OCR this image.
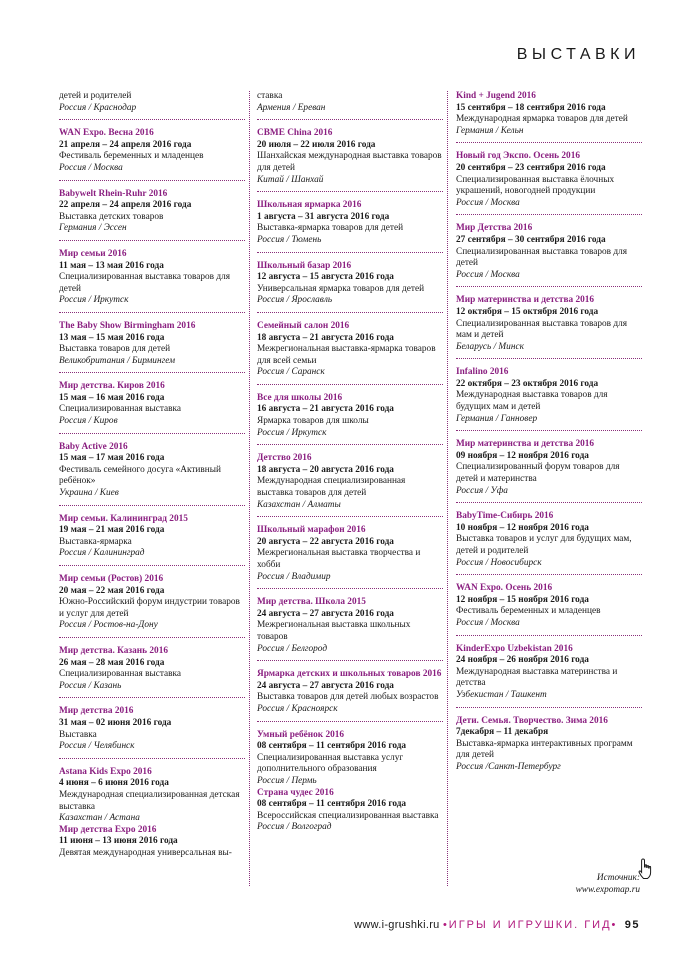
ВЫСТАВКИ
детей и родителей
Россия / Краснодар
WAN Expo. Весна 2016
21 апреля – 24 апреля 2016 года
Фестиваль беременных и младенцев
Россия / Москва
Babywelt Rhein-Ruhr 2016
22 апреля – 24 апреля 2016 года
Выставка детских товаров
Германия / Эссен
Мир семьи 2016
11 мая – 13 мая 2016 года
Специализированная выставка товаров для детей
Россия / Иркутск
The Baby Show Birmingham 2016
13 мая – 15 мая 2016 года
Выставка товаров для детей
Великобритания / Бирмингем
Мир детства. Киров 2016
15 мая – 16 мая 2016 года
Специализированная выставка
Россия / Киров
Baby Active 2016
15 мая – 17 мая 2016 года
Фестиваль семейного досуга «Активный ребёнок»
Украина / Киев
Мир семьи. Калининград 2015
19 мая – 21 мая 2016 года
Выставка-ярмарка
Россия / Калининград
Мир семьи (Ростов) 2016
20 мая – 22 мая 2016 года
Южно-Российский форум индустрии товаров и услуг для детей
Россия / Ростов-на-Дону
Мир детства. Казань 2016
26 мая – 28 мая 2016 года
Специализированная выставка
Россия / Казань
Мир детства 2016
31 мая – 02 июня 2016 года
Выставка
Россия / Челябинск
Astana Kids Expo 2016
4 июня – 6 июня 2016 года
Международная специализированная детская выставка
Казахстан / Астана
Мир детства Expo 2016
11 июня – 13 июня 2016 года
Девятая международная универсальная вы-
ставка
Армения / Ереван
CBME China 2016
20 июля – 22 июля 2016 года
Шанхайская международная выставка товаров для детей
Китай / Шанхай
Школьная ярмарка 2016
1 августа – 31 августа 2016 года
Выставка-ярмарка товаров для детей
Россия / Тюмень
Школьный базар 2016
12 августа – 15 августа 2016 года
Универсальная ярмарка товаров для детей
Россия / Ярославль
Семейный салон 2016
18 августа – 21 августа 2016 года
Межрегиональная выставка-ярмарка товаров для всей семьи
Россия / Саранск
Все для школы 2016
16 августа – 21 августа 2016 года
Ярмарка товаров для школы
Россия / Иркутск
Детство 2016
18 августа – 20 августа 2016 года
Международная специализированная выставка товаров для детей
Казахстан / Алматы
Школьный марафон 2016
20 августа – 22 августа 2016 года
Межрегиональная выставка творчества и хобби
Россия / Владимир
Мир детства. Школа 2015
24 августа – 27 августа 2016 года
Межрегиональная выставка школьных товаров
Россия / Белгород
Ярмарка детских и школьных товаров 2016
24 августа – 27 августа 2016 года
Выставка товаров для детей любых возрастов
Россия / Красноярск
Умный ребёнок 2016
08 сентября – 11 сентября 2016 года
Специализированная выставка услуг дополнительного образования
Россия / Пермь
Страна чудес 2016
08 сентября – 11 сентября 2016 года
Всероссийская специализированная выставка
Россия / Волгоград
Kind + Jugend 2016
15 сентября – 18 сентября 2016 года
Международная ярмарка товаров для детей
Германия / Кельн
Новый год Экспо. Осень 2016
20 сентября – 23 сентября 2016 года
Специализированная выставка ёлочных украшений, новогодней продукции
Россия / Москва
Мир Детства 2016
27 сентября – 30 сентября 2016 года
Специализированная выставка товаров для детей
Россия / Москва
Мир материнства и детства 2016
12 октября – 15 октября 2016 года
Специализированная выставка товаров для мам и детей
Беларусь / Минск
Infalino 2016
22 октября – 23 октября 2016 года
Международная выставка товаров для будущих мам и детей
Германия / Ганновер
Мир материнства и детства 2016
09 ноября – 12 ноября 2016 года
Специализированный форум товаров для детей и материнства
Россия / Уфа
BabyTime-Сибирь 2016
10 ноября – 12 ноября 2016 года
Выставка товаров и услуг для будущих мам, детей и родителей
Россия / Новосибирск
WAN Expo. Осень 2016
12 ноября – 15 ноября 2016 года
Фестиваль беременных и младенцев
Россия / Москва
KinderExpo Uzbekistan 2016
24 ноября – 26 ноября 2016 года
Международная выставка материнства и детства
Узбекистан / Ташкент
Дети. Семья. Творчество. Зима 2016
7декабря – 11 декабря
Выставка-ярмарка интерактивных программ для детей
Россия /Санкт-Петербург
Источник:
www.expomap.ru
www.i-grushki.ru •ИГРЫ И ИГРУШКИ. ГИД• 95
